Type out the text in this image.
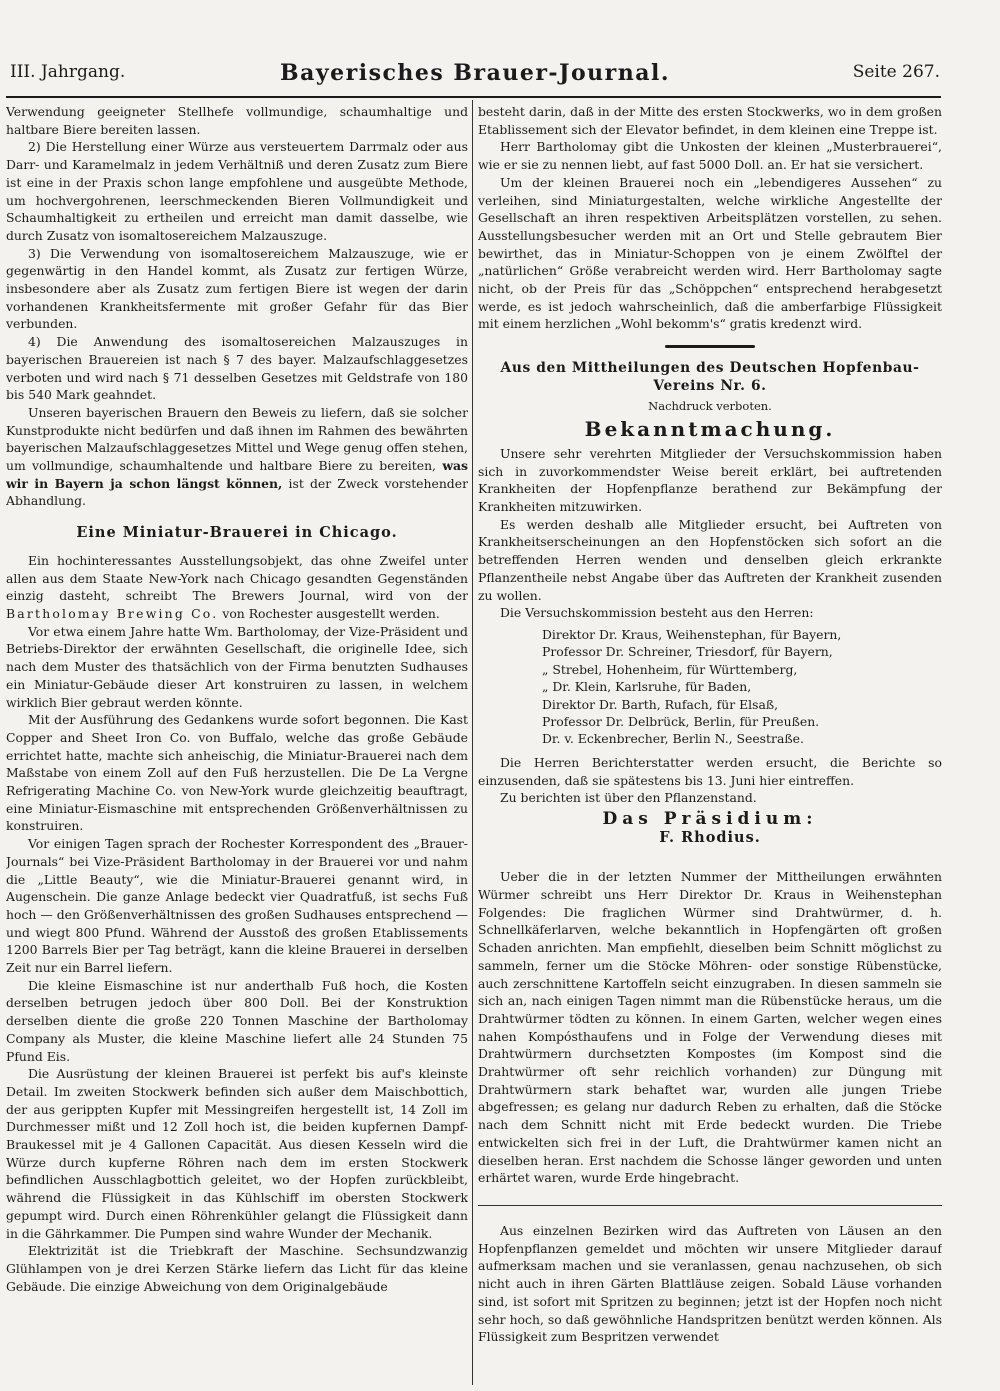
III. Jahrgang.	Bayerisches Brauer-Journal.	Seite 267.

Verwendung geeigneter Stellhefe vollmundige, schaumhaltige und haltbare Biere bereiten lassen.

2) Die Herstellung einer Würze aus versteuertem Darrmalz oder aus Darr- und Karamelmalz in jedem Verhältniß und deren Zusatz zum Biere ist eine in der Praxis schon lange empfohlene und ausgeübte Methode, um hochvergohrenen, leerschmeckenden Bieren Vollmundigkeit und Schaumhaltigkeit zu ertheilen und erreicht man damit dasselbe, wie durch Zusatz von isomaltosereichem Malzauszuge.

3) Die Verwendung von isomaltosereichem Malzauszuge, wie er gegenwärtig in den Handel kommt, als Zusatz zur fertigen Würze, insbesondere aber als Zusatz zum fertigen Biere ist wegen der darin vorhandenen Krankheitsfermente mit großer Gefahr für das Bier verbunden.

4) Die Anwendung des isomaltosereichen Malzauszuges in bayerischen Brauereien ist nach § 7 des bayer. Malzaufschlaggesetzes verboten und wird nach § 71 desselben Gesetzes mit Geldstrafe von 180 bis 540 Mark geahndet.

Unseren bayerischen Brauern den Beweis zu liefern, daß sie solcher Kunstprodukte nicht bedürfen und daß ihnen im Rahmen des bewährten bayerischen Malzaufschlaggesetzes Mittel und Wege genug offen stehen, um vollmundige, schaumhaltende und haltbare Biere zu bereiten, was wir in Bayern ja schon längst können, ist der Zweck vorstehender Abhandlung.

Eine Miniatur-Brauerei in Chicago.

Ein hochinteressantes Ausstellungsobjekt, das ohne Zweifel unter allen aus dem Staate New-York nach Chicago gesandten Gegenständen einzig dasteht, schreibt The Brewers Journal, wird von der Bartholomay Brewing Co. von Rochester ausgestellt werden.

Vor etwa einem Jahre hatte Wm. Bartholomay, der Vize-Präsident und Betriebs-Direktor der erwähnten Gesellschaft, die originelle Idee, sich nach dem Muster des thatsächlich von der Firma benutzten Sudhauses ein Miniatur-Gebäude dieser Art konstruiren zu lassen, in welchem wirklich Bier gebraut werden könnte.

Mit der Ausführung des Gedankens wurde sofort begonnen. Die Kast Copper and Sheet Iron Co. von Buffalo, welche das große Gebäude errichtet hatte, machte sich anheischig, die Miniatur-Brauerei nach dem Maßstabe von einem Zoll auf den Fuß herzustellen. Die De La Vergne Refrigerating Machine Co. von New-York wurde gleichzeitig beauftragt, eine Miniatur-Eismaschine mit entsprechenden Größenverhältnissen zu konstruiren.

Vor einigen Tagen sprach der Rochester Korrespondent des „Brauer-Journals“ bei Vize-Präsident Bartholomay in der Brauerei vor und nahm die „Little Beauty“, wie die Miniatur-Brauerei genannt wird, in Augenschein. Die ganze Anlage bedeckt vier Quadratfuß, ist sechs Fuß hoch — den Größenverhältnissen des großen Sudhauses entsprechend — und wiegt 800 Pfund. Während der Ausstoß des großen Etablissements 1200 Barrels Bier per Tag beträgt, kann die kleine Brauerei in derselben Zeit nur ein Barrel liefern.

Die kleine Eismaschine ist nur anderthalb Fuß hoch, die Kosten derselben betrugen jedoch über 800 Doll. Bei der Konstruktion derselben diente die große 220 Tonnen Maschine der Bartholomay Company als Muster, die kleine Maschine liefert alle 24 Stunden 75 Pfund Eis.

Die Ausrüstung der kleinen Brauerei ist perfekt bis auf's kleinste Detail. Im zweiten Stockwerk befinden sich außer dem Maischbottich, der aus gerippten Kupfer mit Messingreifen hergestellt ist, 14 Zoll im Durchmesser mißt und 12 Zoll hoch ist, die beiden kupfernen Dampf-Braukessel mit je 4 Gallonen Capacität. Aus diesen Kesseln wird die Würze durch kupferne Röhren nach dem im ersten Stockwerk befindlichen Ausschlagbottich geleitet, wo der Hopfen zurückbleibt, während die Flüssigkeit in das Kühlschiff im obersten Stockwerk gepumpt wird. Durch einen Röhrenkühler gelangt die Flüssigkeit dann in die Gährkammer. Die Pumpen sind wahre Wunder der Mechanik.

Elektrizität ist die Triebkraft der Maschine. Sechsundzwanzig Glühlampen von je drei Kerzen Stärke liefern das Licht für das kleine Gebäude. Die einzige Abweichung von dem Originalgebäude

besteht darin, daß in der Mitte des ersten Stockwerks, wo in dem großen Etablissement sich der Elevator befindet, in dem kleinen eine Treppe ist.

Herr Bartholomay gibt die Unkosten der kleinen „Musterbrauerei“, wie er sie zu nennen liebt, auf fast 5000 Doll. an. Er hat sie versichert.

Um der kleinen Brauerei noch ein „lebendigeres Aussehen“ zu verleihen, sind Miniaturgestalten, welche wirkliche Angestellte der Gesellschaft an ihren respektiven Arbeitsplätzen vorstellen, zu sehen. Ausstellungsbesucher werden mit an Ort und Stelle gebrautem Bier bewirthet, das in Miniatur-Schoppen von je einem Zwölftel der „natürlichen“ Größe verabreicht werden wird. Herr Bartholomay sagte nicht, ob der Preis für das „Schöppchen“ entsprechend herabgesetzt werde, es ist jedoch wahrscheinlich, daß die amberfarbige Flüssigkeit mit einem herzlichen „Wohl bekomm's“ gratis kredenzt wird.

Aus den Mittheilungen des Deutschen Hopfenbau-Vereins Nr. 6.
Nachdruck verboten.
Bekanntmachung.

Unsere sehr verehrten Mitglieder der Versuchskommission haben sich in zuvorkommendster Weise bereit erklärt, bei auftretenden Krankheiten der Hopfenpflanze berathend zur Bekämpfung der Krankheiten mitzuwirken.

Es werden deshalb alle Mitglieder ersucht, bei Auftreten von Krankheitserscheinungen an den Hopfenstöcken sich sofort an die betreffenden Herren wenden und denselben gleich erkrankte Pflanzentheile nebst Angabe über das Auftreten der Krankheit zusenden zu wollen.

Die Versuchskommission besteht aus den Herren:

Direktor Dr. Kraus, Weihenstephan, für Bayern,
Professor Dr. Schreiner, Triesdorf, für Bayern,
„ Strebel, Hohenheim, für Württemberg,
„ Dr. Klein, Karlsruhe, für Baden,
Direktor Dr. Barth, Rufach, für Elsaß,
Professor Dr. Delbrück, Berlin, für Preußen.
Dr. v. Eckenbrecher, Berlin N., Seestraße.

Die Herren Berichterstatter werden ersucht, die Berichte so einzusenden, daß sie spätestens bis 13. Juni hier eintreffen.

Zu berichten ist über den Pflanzenstand.

Das Präsidium:
F. Rhodius.

Ueber die in der letzten Nummer der Mittheilungen erwähnten Würmer schreibt uns Herr Direktor Dr. Kraus in Weihenstephan Folgendes: Die fraglichen Würmer sind Drahtwürmer, d. h. Schnellkäferlarven, welche bekanntlich in Hopfengärten oft großen Schaden anrichten. Man empfiehlt, dieselben beim Schnitt möglichst zu sammeln, ferner um die Stöcke Möhren- oder sonstige Rübenstücke, auch zerschnittene Kartoffeln seicht einzugraben. In diesen sammeln sie sich an, nach einigen Tagen nimmt man die Rübenstücke heraus, um die Drahtwürmer tödten zu können. In einem Garten, welcher wegen eines nahen Kompósthaufens und in Folge der Verwendung dieses mit Drahtwürmern durchsetzten Kompostes (im Kompost sind die Drahtwürmer oft sehr reichlich vorhanden) zur Düngung mit Drahtwürmern stark behaftet war, wurden alle jungen Triebe abgefressen; es gelang nur dadurch Reben zu erhalten, daß die Stöcke nach dem Schnitt nicht mit Erde bedeckt wurden. Die Triebe entwickelten sich frei in der Luft, die Drahtwürmer kamen nicht an dieselben heran. Erst nachdem die Schosse länger geworden und unten erhärtet waren, wurde Erde hingebracht.

Aus einzelnen Bezirken wird das Auftreten von Läusen an den Hopfenpflanzen gemeldet und möchten wir unsere Mitglieder darauf aufmerksam machen und sie veranlassen, genau nachzusehen, ob sich nicht auch in ihren Gärten Blattläuse zeigen. Sobald Läuse vorhanden sind, ist sofort mit Spritzen zu beginnen; jetzt ist der Hopfen noch nicht sehr hoch, so daß gewöhnliche Handspritzen benützt werden können. Als Flüssigkeit zum Bespritzen verwendet
